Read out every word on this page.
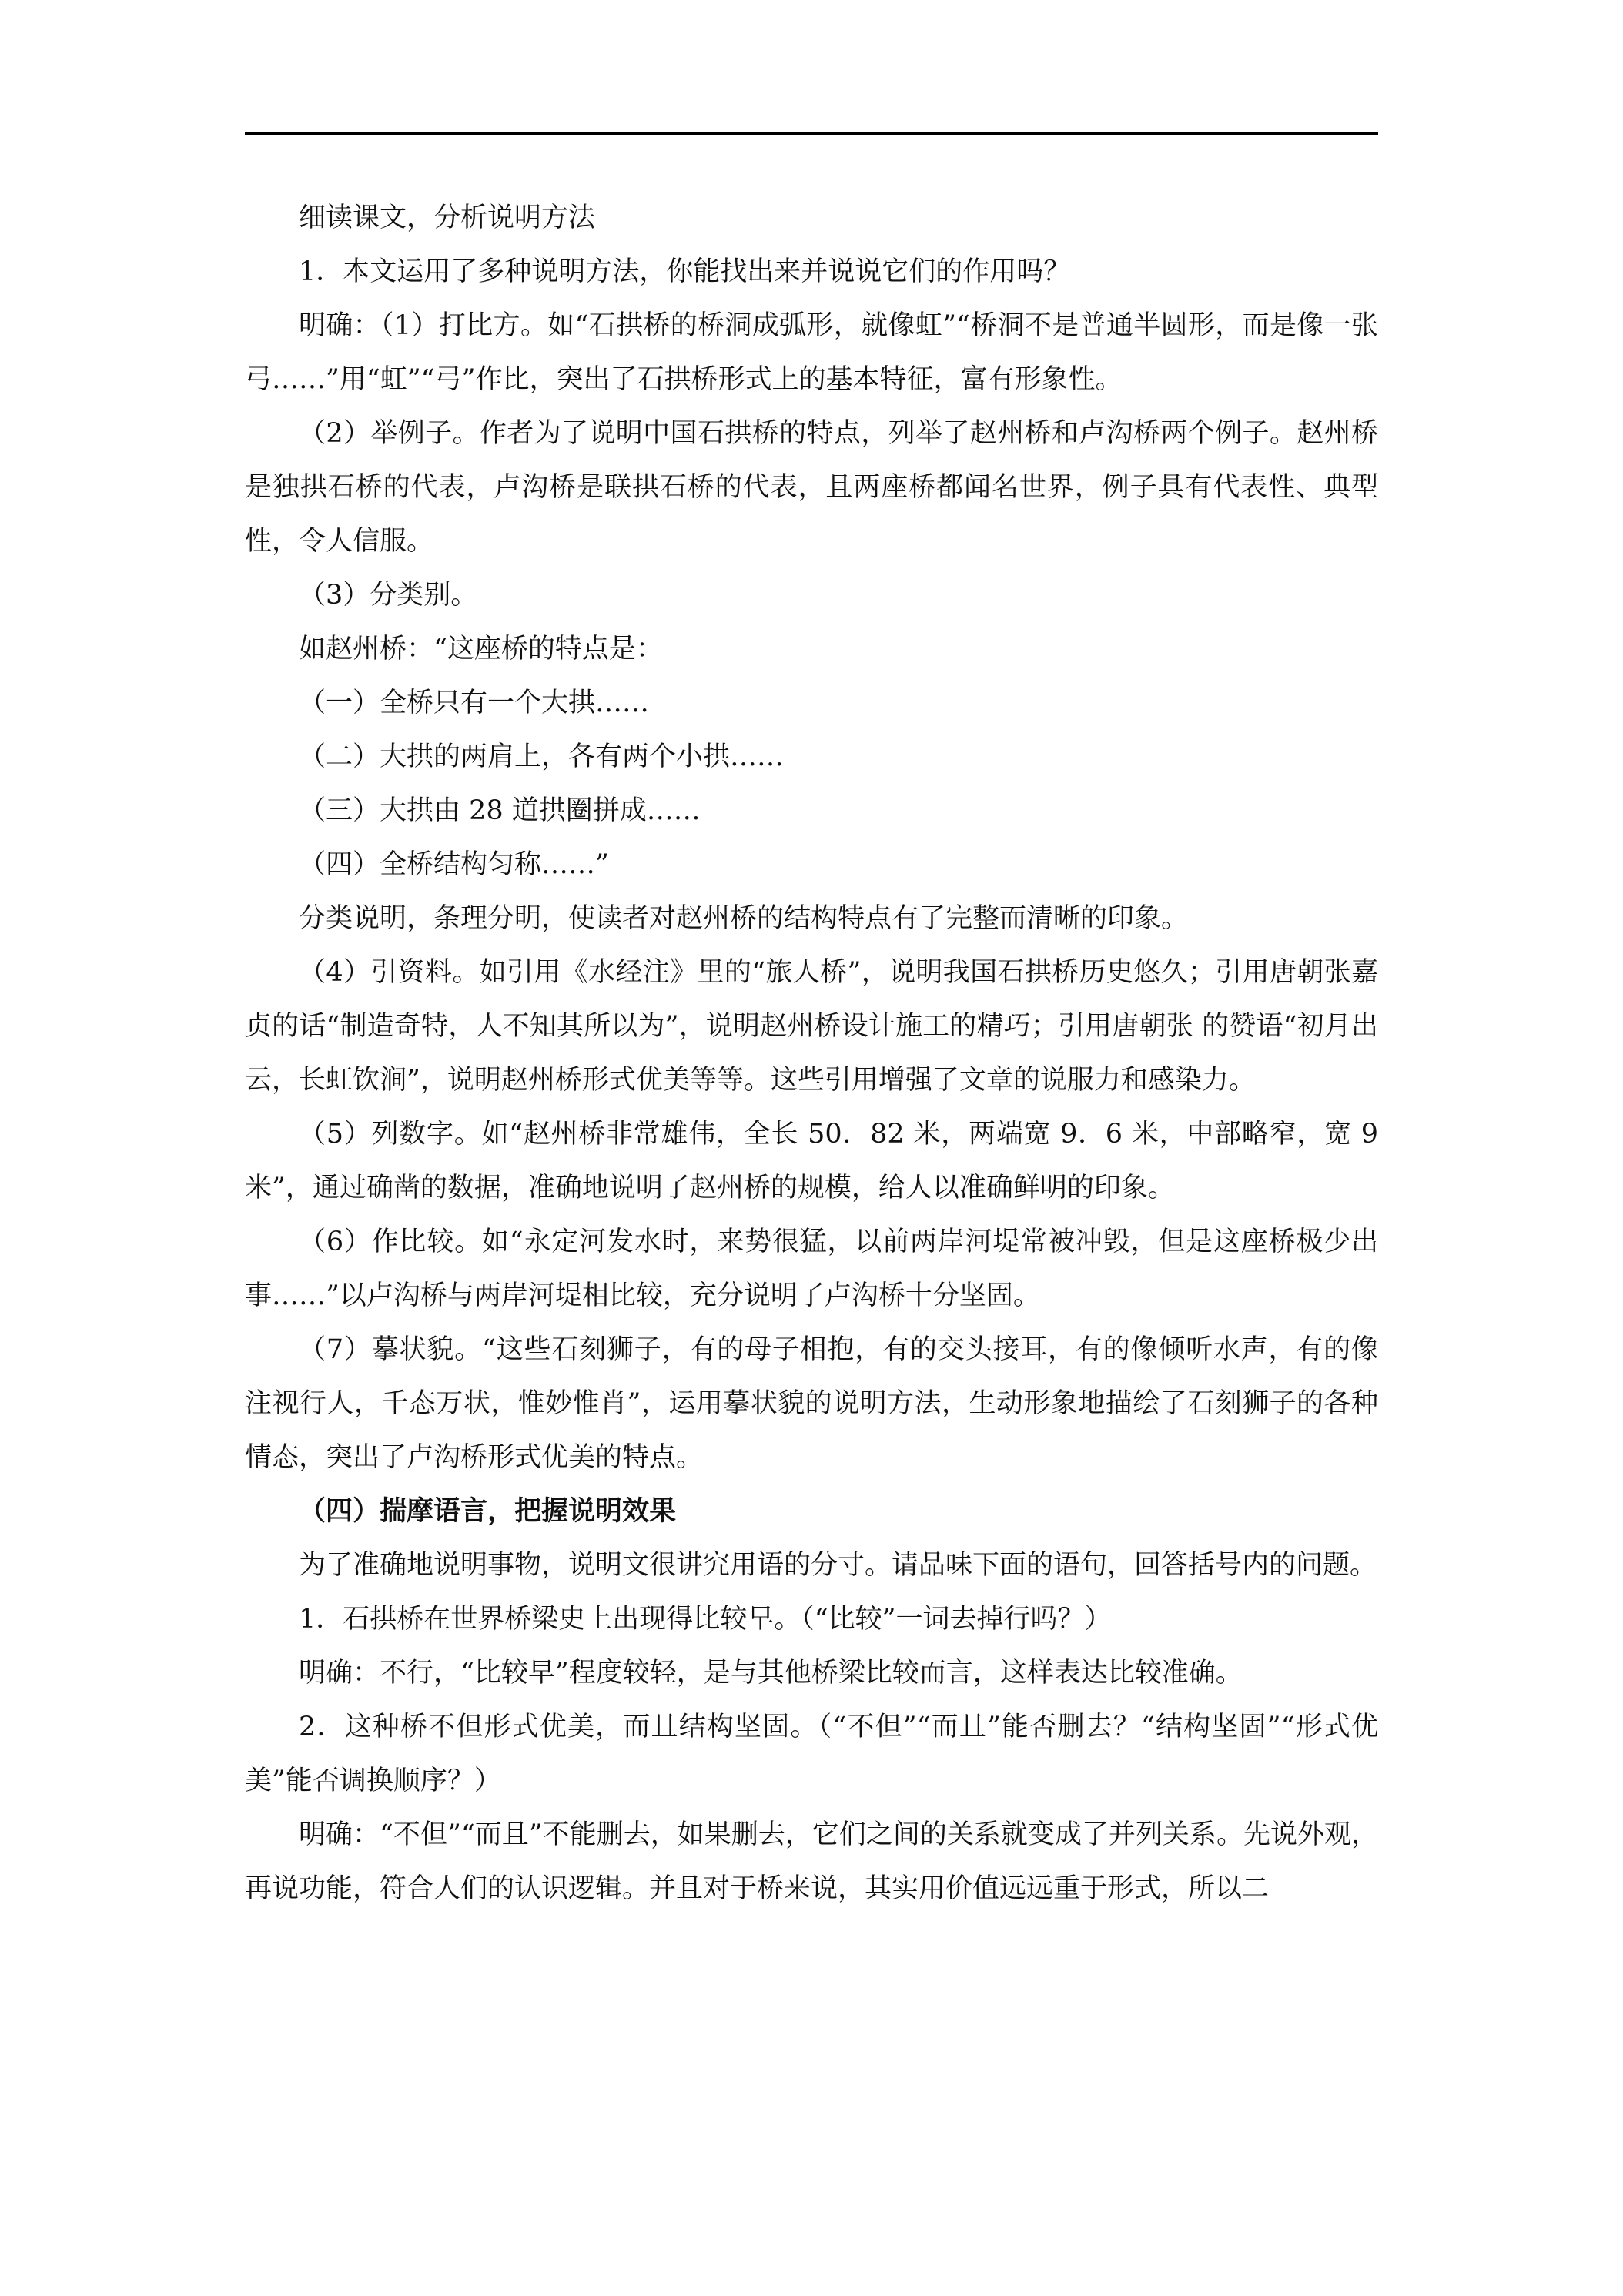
细读课文，分析说明方法

1．本文运用了多种说明方法，你能找出来并说说它们的作用吗？

明确：（1）打比方。如“石拱桥的桥洞成弧形，就像虹”“桥洞不是普通半圆形，而是像一张弓……”用“虹”“弓”作比，突出了石拱桥形式上的基本特征，富有形象性。

（2）举例子。作者为了说明中国石拱桥的特点，列举了赵州桥和卢沟桥两个例子。赵州桥是独拱石桥的代表，卢沟桥是联拱石桥的代表，且两座桥都闻名世界，例子具有代表性、典型性，令人信服。

（3）分类别。

如赵州桥：“这座桥的特点是：

（一）全桥只有一个大拱……

（二）大拱的两肩上，各有两个小拱……

（三）大拱由 28 道拱圈拼成……

（四）全桥结构匀称……”

分类说明，条理分明，使读者对赵州桥的结构特点有了完整而清晰的印象。

（4）引资料。如引用《水经注》里的“旅人桥”，说明我国石拱桥历史悠久；引用唐朝张嘉贞的话“制造奇特，人不知其所以为”，说明赵州桥设计施工的精巧；引用唐朝张 的赞语“初月出云，长虹饮涧”，说明赵州桥形式优美等等。这些引用增强了文章的说服力和感染力。

（5）列数字。如“赵州桥非常雄伟，全长 50．82 米，两端宽 9．6 米，中部略窄，宽 9 米”，通过确凿的数据，准确地说明了赵州桥的规模，给人以准确鲜明的印象。

（6）作比较。如“永定河发水时，来势很猛，以前两岸河堤常被冲毁，但是这座桥极少出事……”以卢沟桥与两岸河堤相比较，充分说明了卢沟桥十分坚固。

（7）摹状貌。“这些石刻狮子，有的母子相抱，有的交头接耳，有的像倾听水声，有的像注视行人，千态万状，惟妙惟肖”，运用摹状貌的说明方法，生动形象地描绘了石刻狮子的各种情态，突出了卢沟桥形式优美的特点。

（四）揣摩语言，把握说明效果

为了准确地说明事物，说明文很讲究用语的分寸。请品味下面的语句，回答括号内的问题。

1．石拱桥在世界桥梁史上出现得比较早。（“比较”一词去掉行吗？）

明确：不行，“比较早”程度较轻，是与其他桥梁比较而言，这样表达比较准确。

2．这种桥不但形式优美，而且结构坚固。（“不但”“而且”能否删去？“结构坚固”“形式优美”能否调换顺序？）

明确：“不但”“而且”不能删去，如果删去，它们之间的关系就变成了并列关系。先说外观，再说功能，符合人们的认识逻辑。并且对于桥来说，其实用价值远远重于形式，所以二
